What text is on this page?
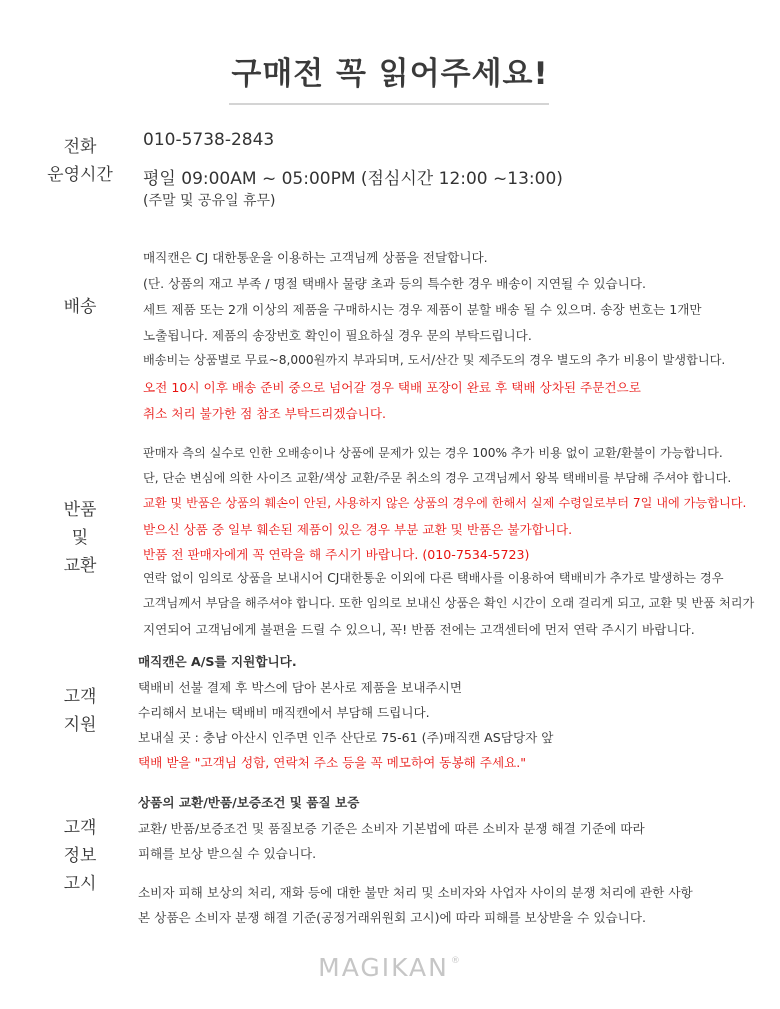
구매전 꼭 읽어주세요!
전화
운영시간
010-5738-2843
평일 09:00AM ~ 05:00PM (점심시간 12:00 ~13:00)
(주말 및 공유일 휴무)
배송
매직캔은 CJ 대한통운을 이용하는 고객님께 상품을 전달합니다.
(단. 상품의 재고 부족 / 명절 택배사 물량 초과 등의 특수한 경우 배송이 지연될 수 있습니다.
세트 제품 또는 2개 이상의 제품을 구매하시는 경우 제품이 분할 배송 될 수 있으며. 송장 번호는 1개만
노출됩니다. 제품의 송장번호 확인이 필요하실 경우 문의 부탁드립니다.
배송비는 상품별로 무료~8,000원까지 부과되며, 도서/산간 및 제주도의 경우 별도의 추가 비용이 발생합니다.
오전 10시 이후 배송 준비 중으로 넘어갈 경우 택배 포장이 완료 후 택배 상차된 주문건으로
취소 처리 불가한 점 참조 부탁드리겠습니다.
반품
및
교환
판매자 측의 실수로 인한 오배송이나 상품에 문제가 있는 경우 100% 추가 비용 없이 교환/환불이 가능합니다.
단, 단순 변심에 의한 사이즈 교환/색상 교환/주문 취소의 경우 고객님께서 왕복 택배비를 부담해 주셔야 합니다.
교환 및 반품은 상품의 훼손이 안된, 사용하지 않은 상품의 경우에 한해서 실제 수령일로부터 7일 내에 가능합니다.
받으신 상품 중 일부 훼손된 제품이 있은 경우 부분 교환 및 반품은 불가합니다.
반품 전 판매자에게 꼭 연락을 해 주시기 바랍니다. (010-7534-5723)
연락 없이 임의로 상품을 보내시어 CJ대한통운 이외에 다른 택배사를 이용하여 택배비가 추가로 발생하는 경우
고객님께서 부담을 해주셔야 합니다. 또한 임의로 보내신 상품은 확인 시간이 오래 걸리게 되고, 교환 및 반품 처리가
지연되어 고객님에게 불편을 드릴 수 있으니, 꼭! 반품 전에는 고객센터에 먼저 연락 주시기 바랍니다.
고객
지원
매직캔은 A/S를 지원합니다.
택배비 선불 결제 후 박스에 담아 본사로 제품을 보내주시면
수리해서 보내는 택배비 매직캔에서 부담해 드립니다.
보내실 곳 : 충남 아산시 인주면 인주 산단로 75-61 (주)매직캔 AS담당자 앞
택배 받을 "고객님 성함, 연락처 주소 등을 꼭 메모하여 동봉해 주세요."
고객
정보
고시
상품의 교환/반품/보증조건 및 품질 보증
교환/ 반품/보증조건 및 품질보증 기준은 소비자 기본법에 따른 소비자 분쟁 해결 기준에 따라
피해를 보상 받으실 수 있습니다.
소비자 피해 보상의 처리, 재화 등에 대한 불만 처리 및 소비자와 사업자 사이의 분쟁 처리에 관한 사항
본 상품은 소비자 분쟁 해결 기준(공정거래위원회 고시)에 따라 피해를 보상받을 수 있습니다.
MAGIKAN ®
